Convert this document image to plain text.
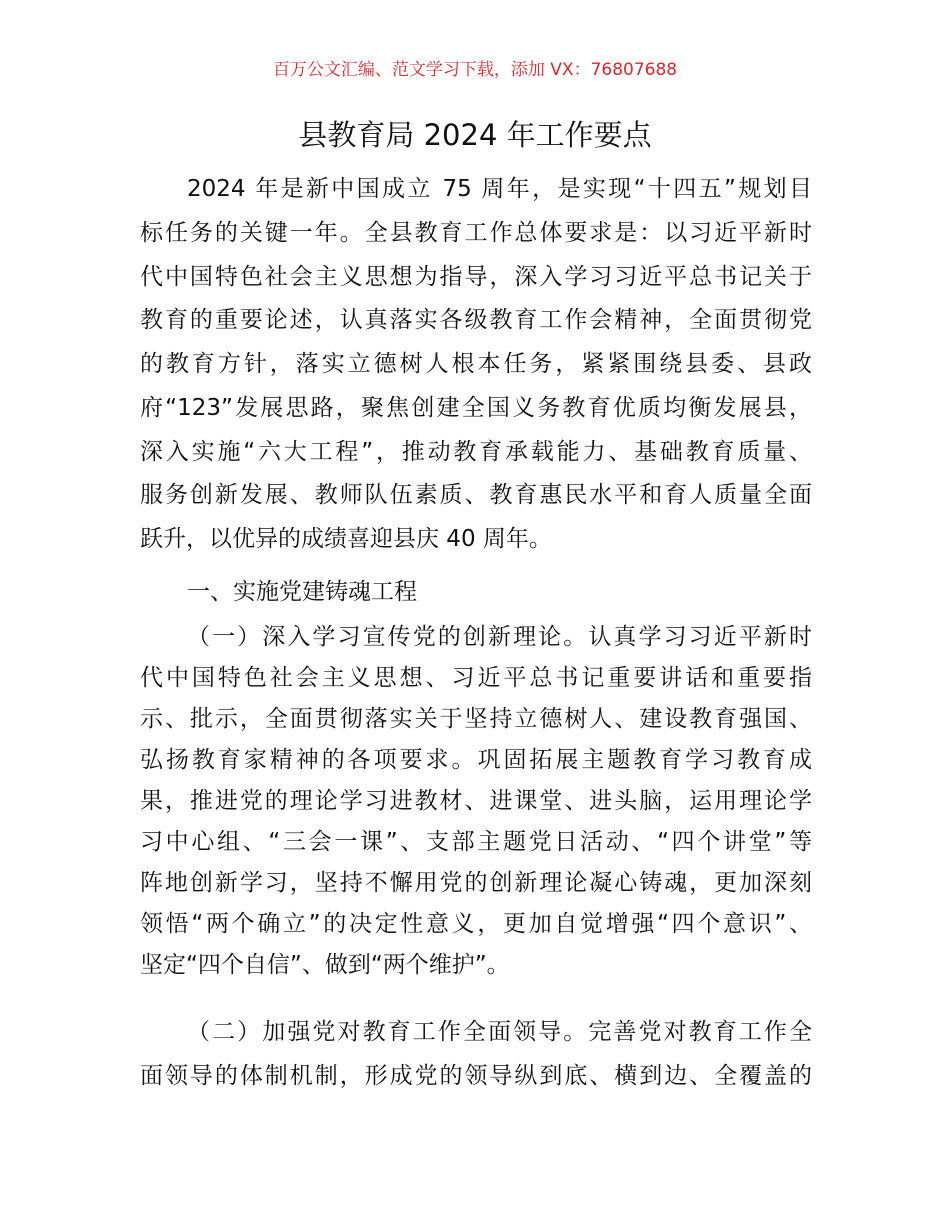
百万公文汇编、范文学习下载，添加 VX：76807688
县教育局 2024 年工作要点
2024 年是新中国成立 75 周年，是实现“十四五”规划目
标任务的关键一年。全县教育工作总体要求是：以习近平新时
代中国特色社会主义思想为指导，深入学习习近平总书记关于
教育的重要论述，认真落实各级教育工作会精神，全面贯彻党
的教育方针，落实立德树人根本任务，紧紧围绕县委、县政
府“123”发展思路，聚焦创建全国义务教育优质均衡发展县，
深入实施“六大工程”，推动教育承载能力、基础教育质量、
服务创新发展、教师队伍素质、教育惠民水平和育人质量全面
跃升，以优异的成绩喜迎县庆 40 周年。
一、实施党建铸魂工程
（一）深入学习宣传党的创新理论。认真学习习近平新时
代中国特色社会主义思想、习近平总书记重要讲话和重要指
示、批示，全面贯彻落实关于坚持立德树人、建设教育强国、
弘扬教育家精神的各项要求。巩固拓展主题教育学习教育成
果，推进党的理论学习进教材、进课堂、进头脑，运用理论学
习中心组、“三会一课”、支部主题党日活动、“四个讲堂”等
阵地创新学习，坚持不懈用党的创新理论凝心铸魂，更加深刻
领悟“两个确立”的决定性意义，更加自觉增强“四个意识”、
坚定“四个自信”、做到“两个维护”。
（二）加强党对教育工作全面领导。完善党对教育工作全
面领导的体制机制，形成党的领导纵到底、横到边、全覆盖的
